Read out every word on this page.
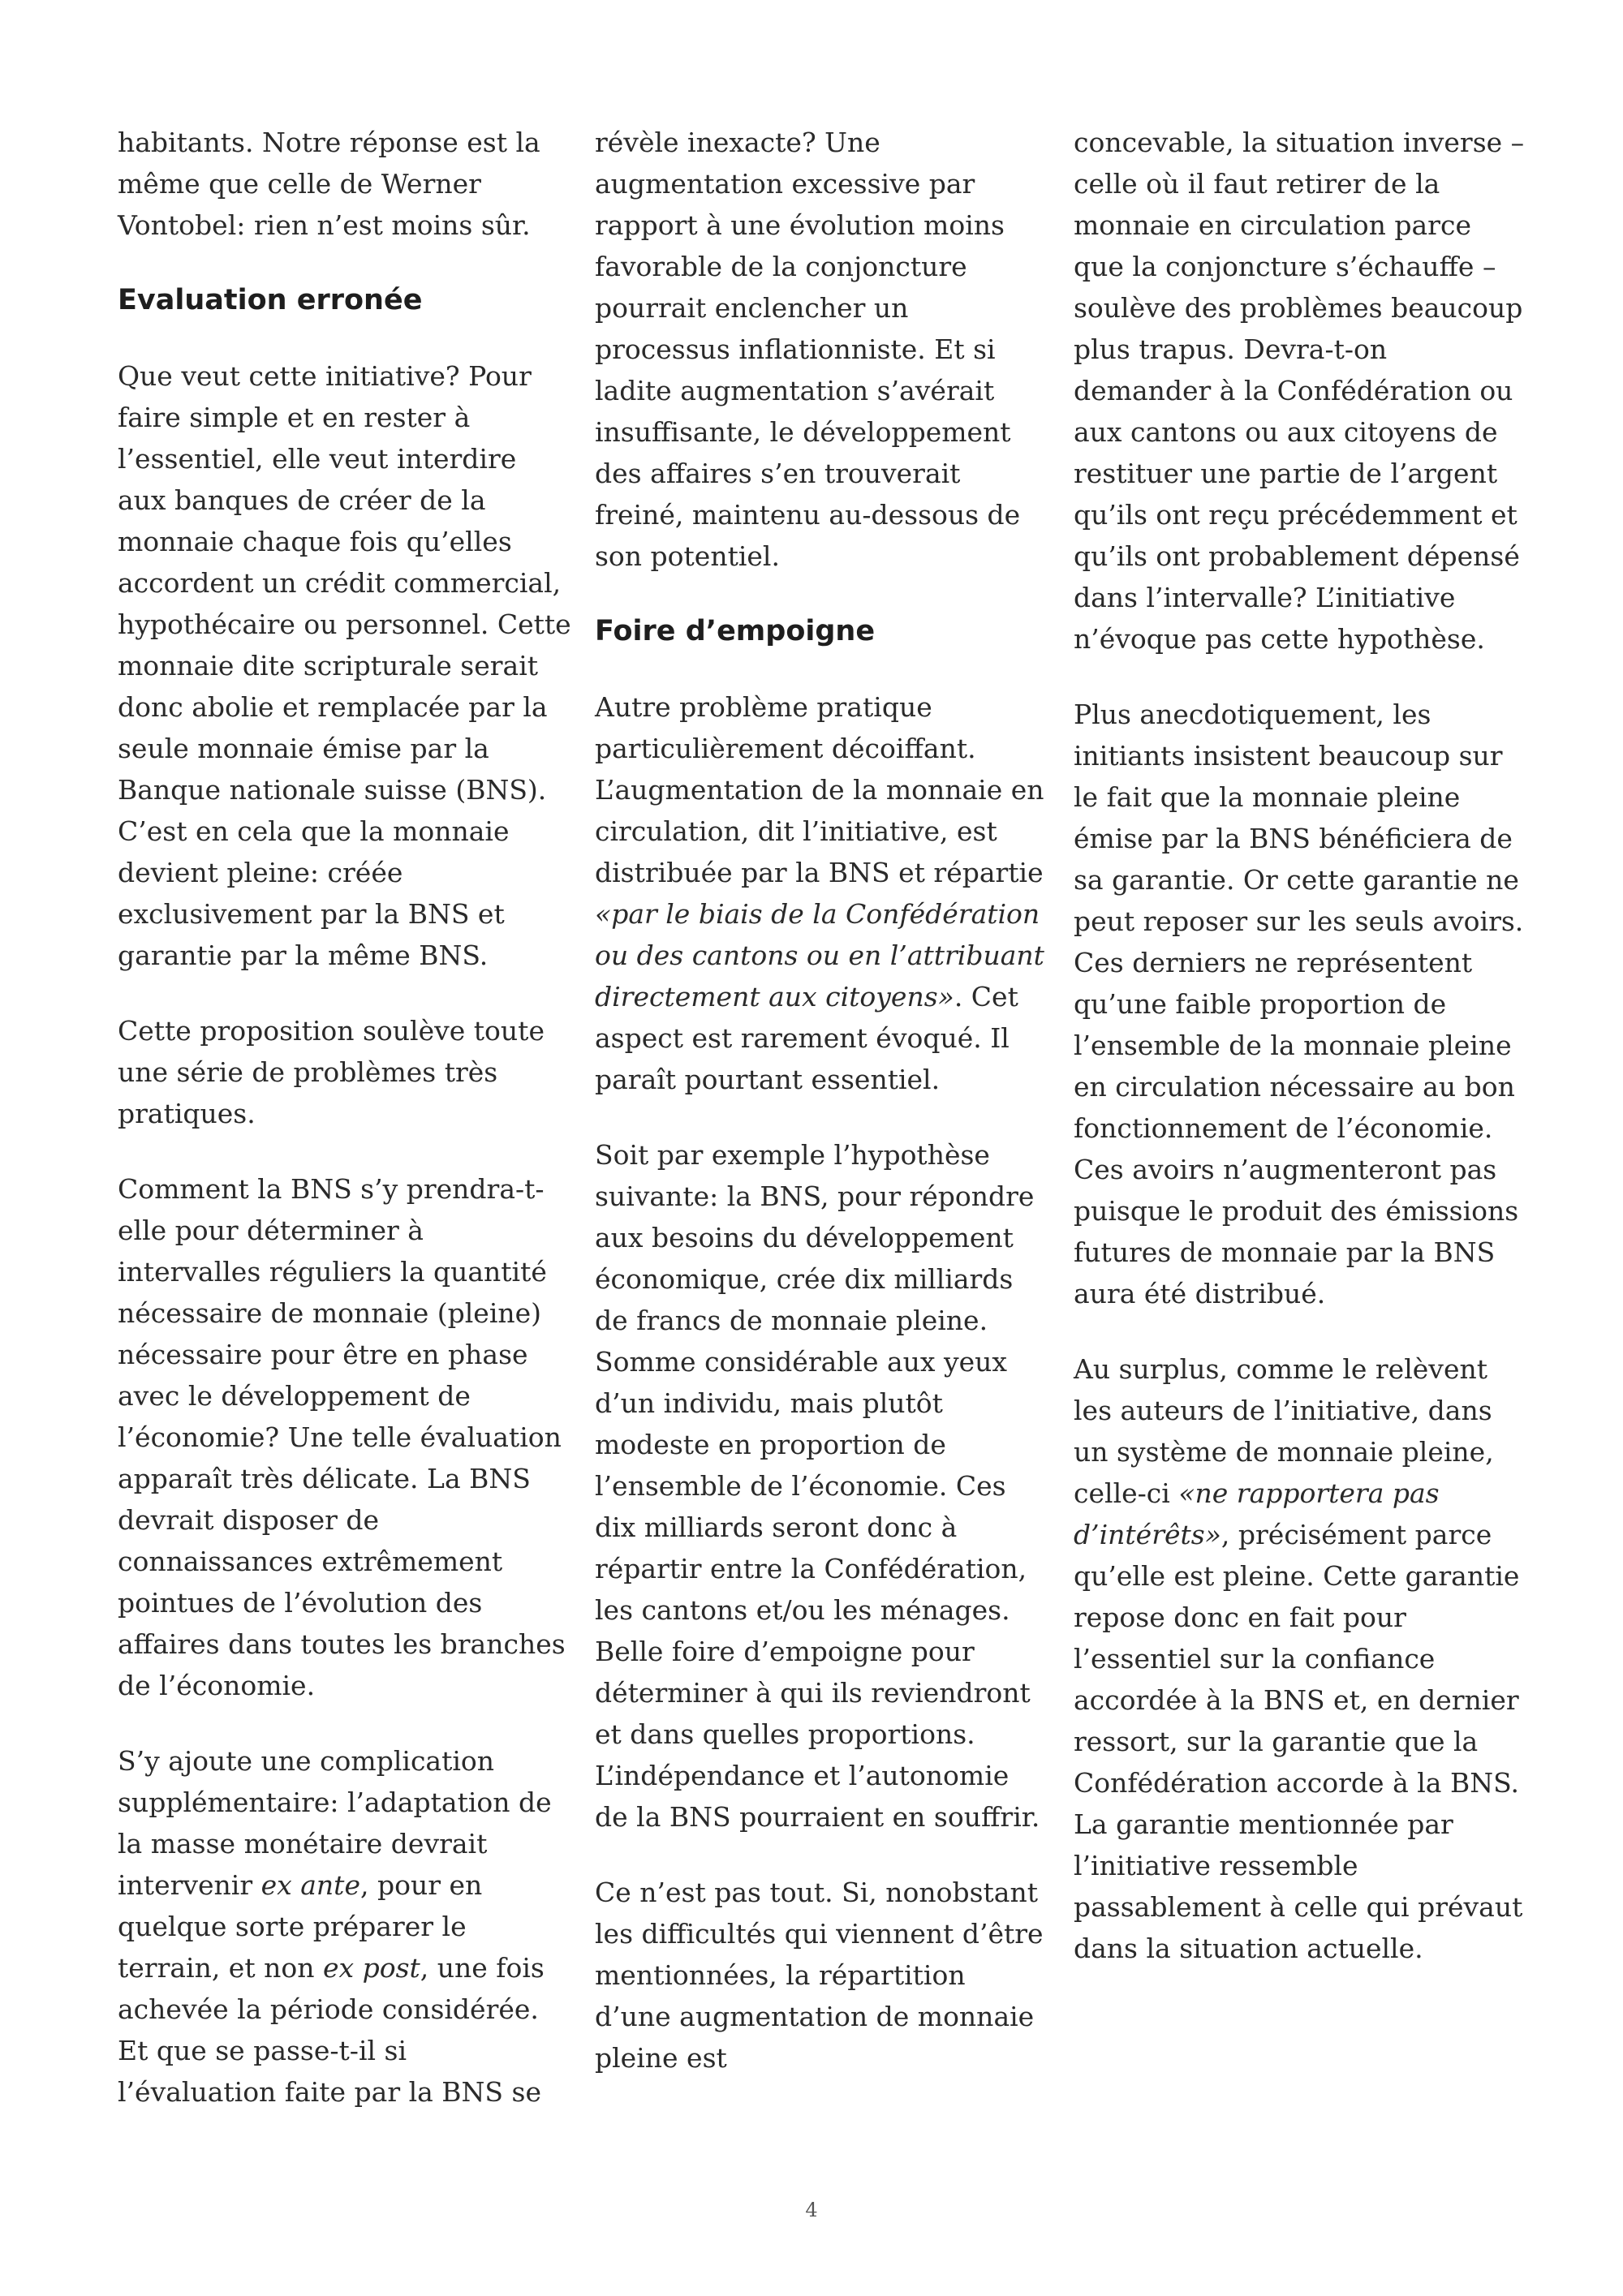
habitants. Notre réponse est la même que celle de Werner Vontobel: rien n’est moins sûr.

Evaluation erronée

Que veut cette initiative? Pour faire simple et en rester à l’essentiel, elle veut interdire aux banques de créer de la monnaie chaque fois qu’elles accordent un crédit commercial, hypothécaire ou personnel. Cette monnaie dite scripturale serait donc abolie et remplacée par la seule monnaie émise par la Banque nationale suisse (BNS). C’est en cela que la monnaie devient pleine: créée exclusivement par la BNS et garantie par la même BNS.

Cette proposition soulève toute une série de problèmes très pratiques.

Comment la BNS s’y prendra-t-elle pour déterminer à intervalles réguliers la quantité nécessaire de monnaie (pleine) nécessaire pour être en phase avec le développement de l’économie? Une telle évaluation apparaît très délicate. La BNS devrait disposer de connaissances extrêmement pointues de l’évolution des affaires dans toutes les branches de l’économie.

S’y ajoute une complication supplémentaire: l’adaptation de la masse monétaire devrait intervenir ex ante, pour en quelque sorte préparer le terrain, et non ex post, une fois achevée la période considérée. Et que se passe-t-il si l’évaluation faite par la BNS se

révèle inexacte? Une augmentation excessive par rapport à une évolution moins favorable de la conjoncture pourrait enclencher un processus inflationniste. Et si ladite augmentation s’avérait insuffisante, le développement des affaires s’en trouverait freiné, maintenu au-dessous de son potentiel.

Foire d’empoigne

Autre problème pratique particulièrement décoiffant. L’augmentation de la monnaie en circulation, dit l’initiative, est distribuée par la BNS et répartie «par le biais de la Confédération ou des cantons ou en l’attribuant directement aux citoyens». Cet aspect est rarement évoqué. Il paraît pourtant essentiel.

Soit par exemple l’hypothèse suivante: la BNS, pour répondre aux besoins du développement économique, crée dix milliards de francs de monnaie pleine. Somme considérable aux yeux d’un individu, mais plutôt modeste en proportion de l’ensemble de l’économie. Ces dix milliards seront donc à répartir entre la Confédération, les cantons et/ou les ménages. Belle foire d’empoigne pour déterminer à qui ils reviendront et dans quelles proportions. L’indépendance et l’autonomie de la BNS pourraient en souffrir.

Ce n’est pas tout. Si, nonobstant les difficultés qui viennent d’être mentionnées, la répartition d’une augmentation de monnaie pleine est

concevable, la situation inverse – celle où il faut retirer de la monnaie en circulation parce que la conjoncture s’échauffe – soulève des problèmes beaucoup plus trapus. Devra-t-on demander à la Confédération ou aux cantons ou aux citoyens de restituer une partie de l’argent qu’ils ont reçu précédemment et qu’ils ont probablement dépensé dans l’intervalle? L’initiative n’évoque pas cette hypothèse.

Plus anecdotiquement, les initiants insistent beaucoup sur le fait que la monnaie pleine émise par la BNS bénéficiera de sa garantie. Or cette garantie ne peut reposer sur les seuls avoirs. Ces derniers ne représentent qu’une faible proportion de l’ensemble de la monnaie pleine en circulation nécessaire au bon fonctionnement de l’économie. Ces avoirs n’augmenteront pas puisque le produit des émissions futures de monnaie par la BNS aura été distribué.

Au surplus, comme le relèvent les auteurs de l’initiative, dans un système de monnaie pleine, celle-ci «ne rapportera pas d’intérêts», précisément parce qu’elle est pleine. Cette garantie repose donc en fait pour l’essentiel sur la confiance accordée à la BNS et, en dernier ressort, sur la garantie que la Confédération accorde à la BNS. La garantie mentionnée par l’initiative ressemble passablement à celle qui prévaut dans la situation actuelle.

4
